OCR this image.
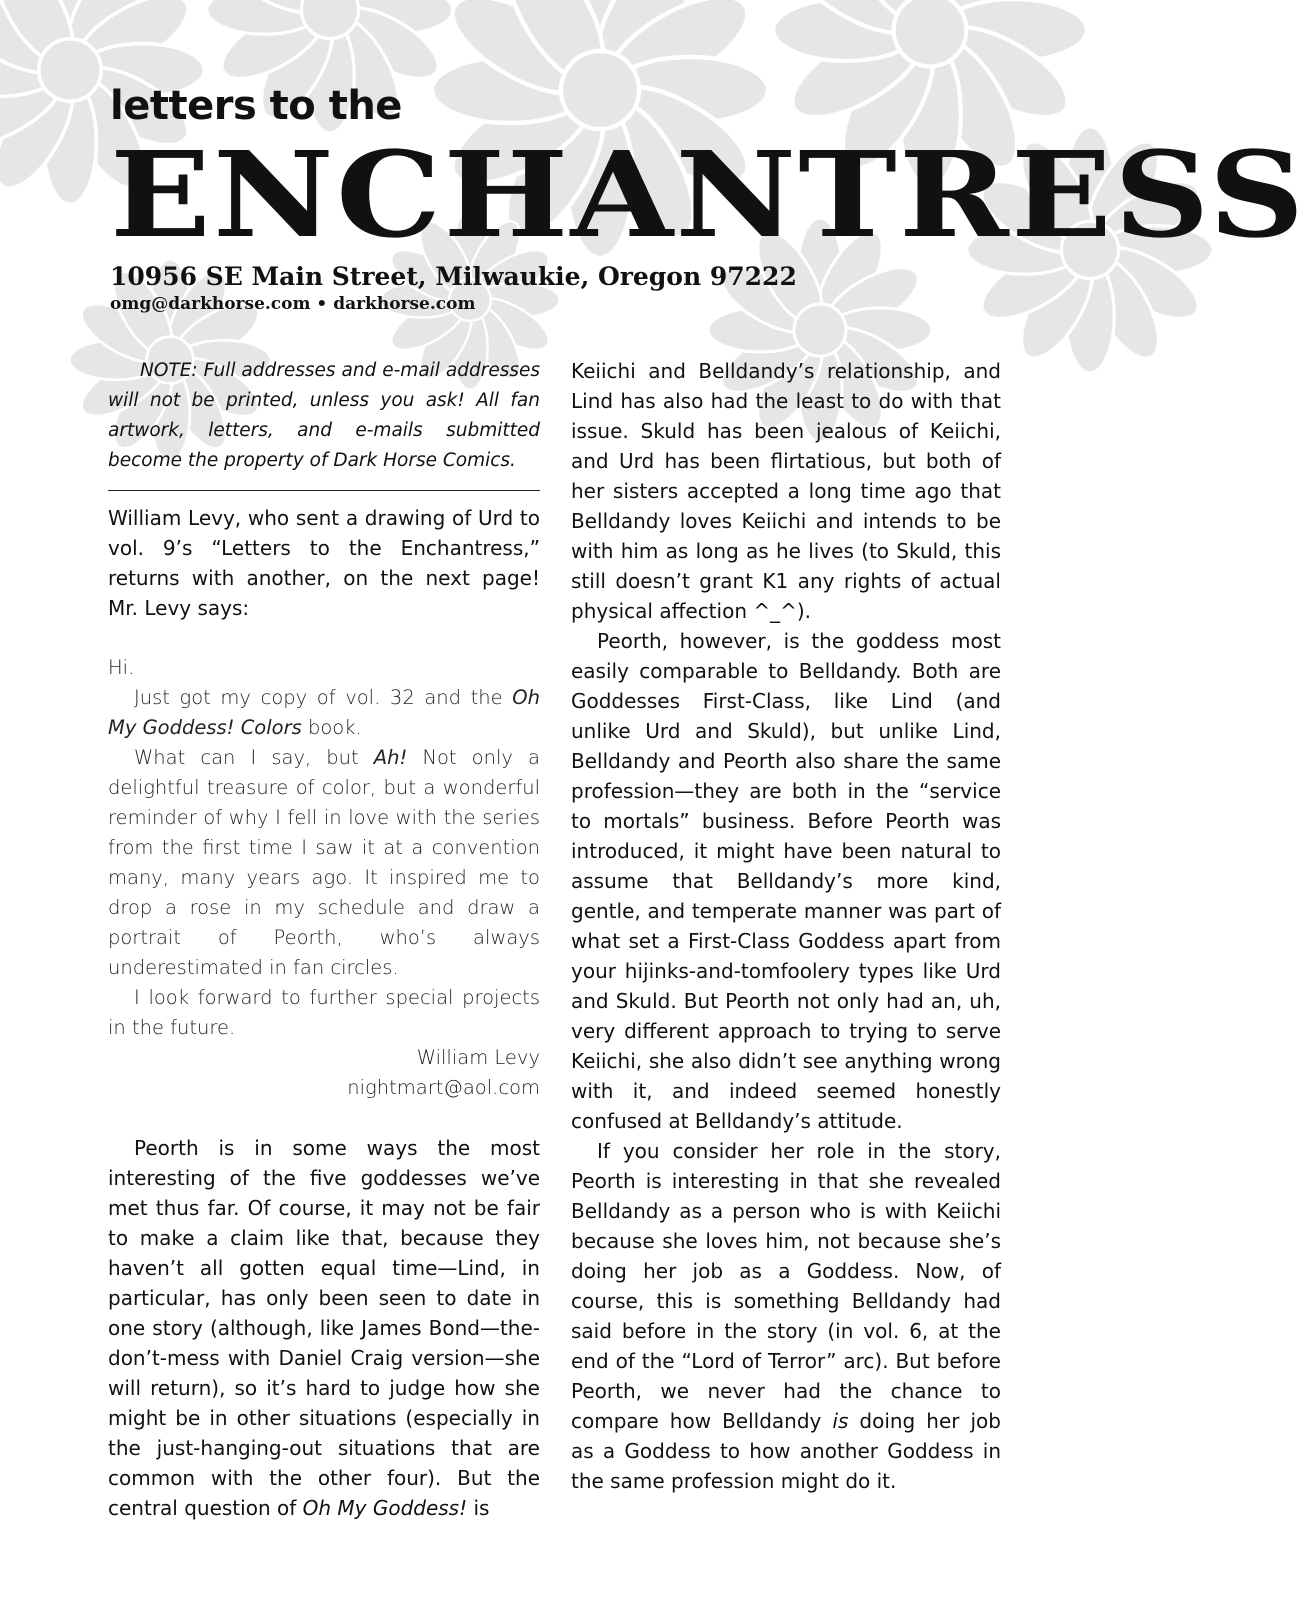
letters to the
ENCHANTRESS
10956 SE Main Street, Milwaukie, Oregon 97222
omg@darkhorse.com • darkhorse.com

NOTE: Full addresses and e-mail addresses will not be printed, unless you ask! All fan artwork, letters, and e-mails submitted become the property of Dark Horse Comics.

William Levy, who sent a drawing of Urd to vol. 9’s “Letters to the Enchantress,” returns with another, on the next page! Mr. Levy says:

Hi.

Just got my copy of vol. 32 and the Oh My Goddess! Colors book.

What can I say, but Ah! Not only a delightful treasure of color, but a wonderful reminder of why I fell in love with the series from the first time I saw it at a convention many, many years ago. It inspired me to drop a rose in my schedule and draw a portrait of Peorth, who’s always underestimated in fan circles.

I look forward to further special projects in the future.

William Levy

nightmart@aol.com

Peorth is in some ways the most interesting of the five goddesses we’ve met thus far. Of course, it may not be fair to make a claim like that, because they haven’t all gotten equal time—Lind, in particular, has only been seen to date in one story (although, like James Bond—the-don’t-mess with Daniel Craig version—she will return), so it’s hard to judge how she might be in other situations (especially in the just-hanging-out situations that are common with the other four). But the central question of Oh My Goddess! is

Keiichi and Belldandy’s relationship, and Lind has also had the least to do with that issue. Skuld has been jealous of Keiichi, and Urd has been flirtatious, but both of her sisters accepted a long time ago that Belldandy loves Keiichi and intends to be with him as long as he lives (to Skuld, this still doesn’t grant K1 any rights of actual physical affection ^_^).

Peorth, however, is the goddess most easily comparable to Belldandy. Both are Goddesses First-Class, like Lind (and unlike Urd and Skuld), but unlike Lind, Belldandy and Peorth also share the same profession—they are both in the “service to mortals” business. Before Peorth was introduced, it might have been natural to assume that Belldandy’s more kind, gentle, and temperate manner was part of what set a First-Class Goddess apart from your hijinks-and-tomfoolery types like Urd and Skuld. But Peorth not only had an, uh, very different approach to trying to serve Keiichi, she also didn’t see anything wrong with it, and indeed seemed honestly confused at Belldandy’s attitude.

If you consider her role in the story, Peorth is interesting in that she revealed Belldandy as a person who is with Keiichi because she loves him, not because she’s doing her job as a Goddess. Now, of course, this is something Belldandy had said before in the story (in vol. 6, at the end of the “Lord of Terror” arc). But before Peorth, we never had the chance to compare how Belldandy is doing her job as a Goddess to how another Goddess in the same profession might do it.
